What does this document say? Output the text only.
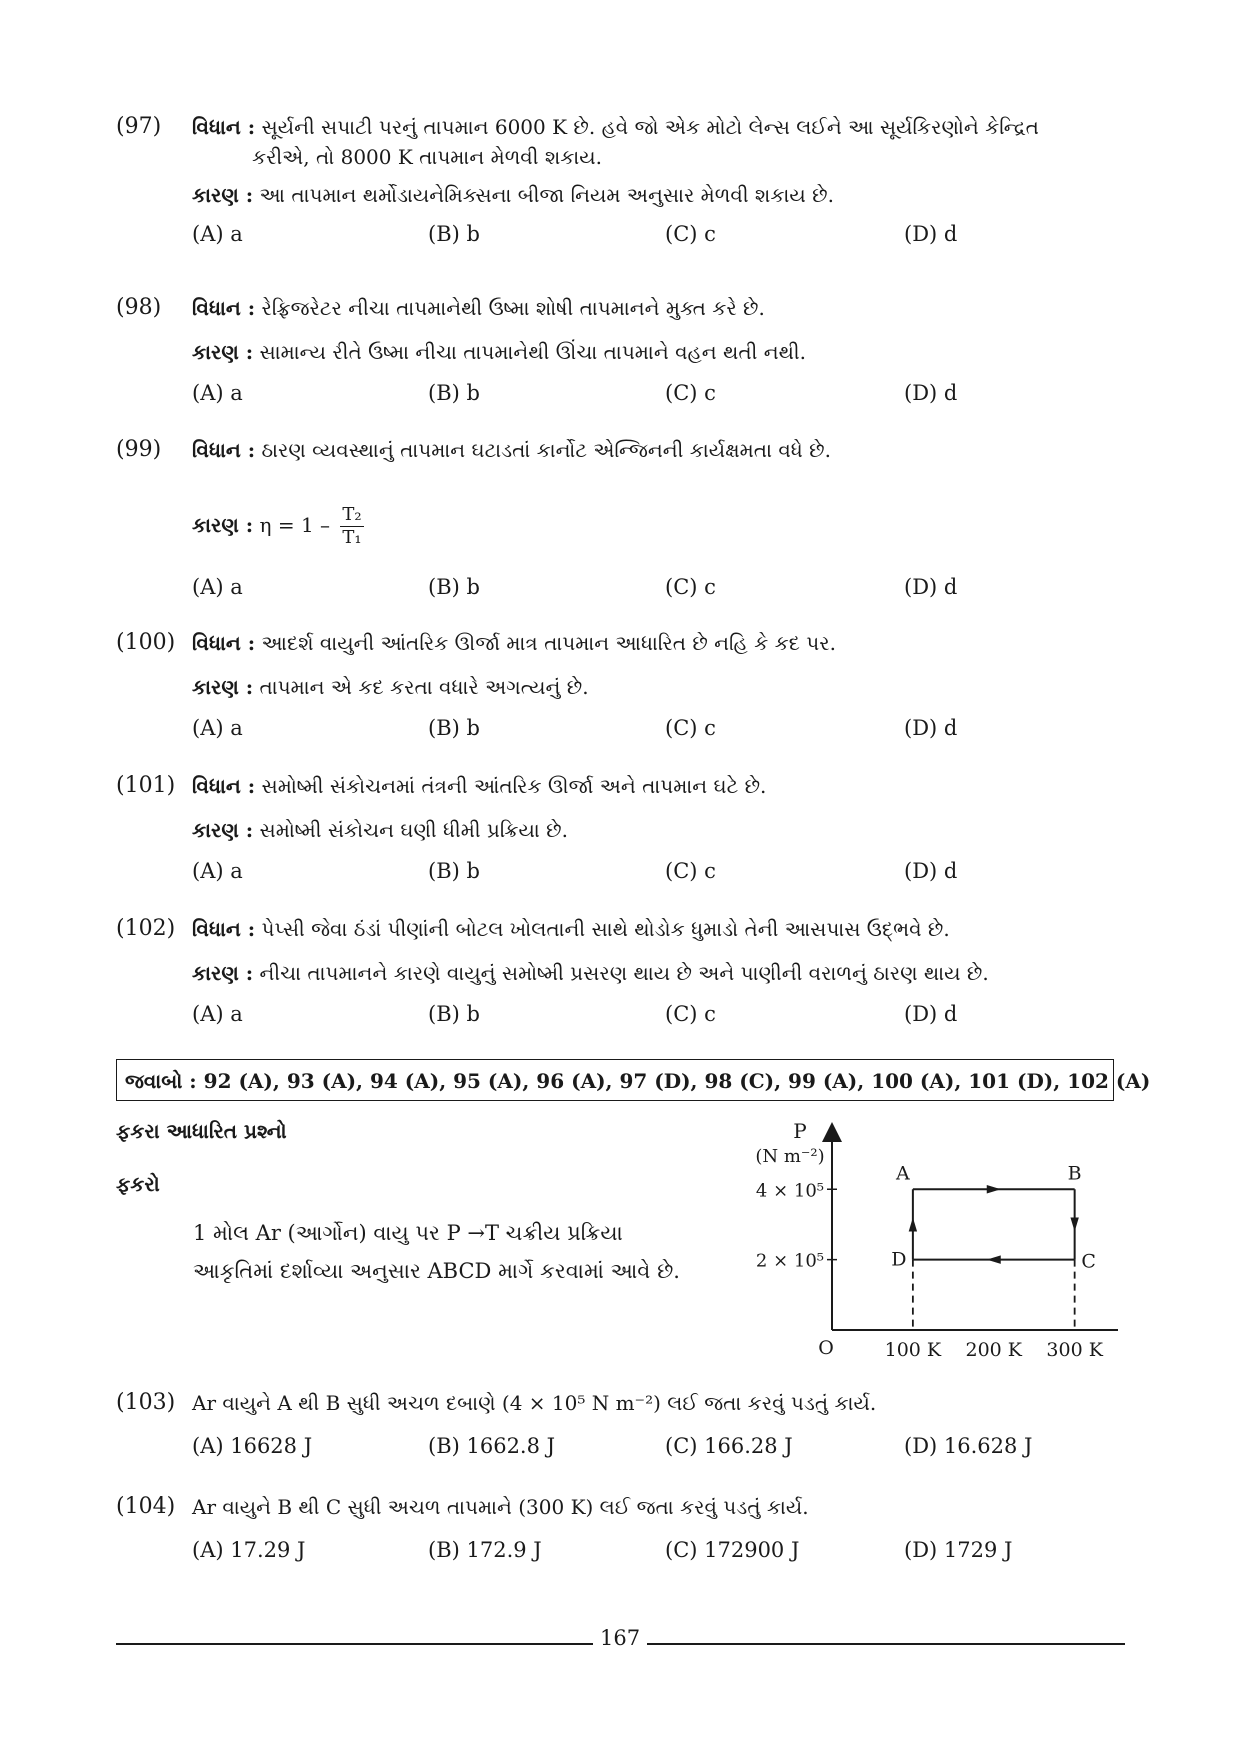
(97) વિધાન : સૂર્યની સપાટી પરનું તાપમાન 6000 K છે. હવે જો એક મોટો લેન્સ લઈને આ સૂર્યકિરણોને કેન્દ્રિત
કરીએ, તો 8000 K તાપમાન મેળવી શકાય.
કારણ : આ તાપમાન થર્મોડાયનેમિક્સના બીજા નિયમ અનુસાર મેળવી શકાય છે.
(A) a	(B) b	(C) c	(D) d
(98) વિધાન : રેફ્રિજરેટર નીચા તાપમાનેથી ઉષ્મા શોષી તાપમાનને મુક્ત કરે છે.
કારણ : સામાન્ય રીતે ઉષ્મા નીચા તાપમાનેથી ઊંચા તાપમાને વહન થતી નથી.
(A) a	(B) b	(C) c	(D) d
(99) વિધાન : ઠારણ વ્યવસ્થાનું તાપમાન ઘટાડતાં કાર્નોટ એન્જિનની કાર્યક્ષમતા વધે છે.
કારણ : $\eta = 1 - \frac{\text{T₂}}{\text{T₁}}$
(A) a	(B) b	(C) c	(D) d
(100) વિધાન : આદર્શ વાયુની આંતરિક ઊર્જા માત્ર તાપમાન આધારિત છે નહિ કે કદ પર.
કારણ : તાપમાન એ કદ કરતા વધારે અગત્યનું છે.
(A) a	(B) b	(C) c	(D) d
(101) વિધાન : સમોષ્મી સંકોચનમાં તંત્રની આંતરિક ઊર્જા અને તાપમાન ઘટે છે.
કારણ : સમોષ્મી સંકોચન ઘણી ધીમી પ્રક્રિયા છે.
(A) a	(B) b	(C) c	(D) d
(102) વિધાન : પેપ્સી જેવા ઠંડાં પીણાંની બોટલ ખોલતાની સાથે થોડોક ધુમાડો તેની આસપાસ ઉદ્ભવે છે.
કારણ : નીચા તાપમાનને કારણે વાયુનું સમોષ્મી પ્રસરણ થાય છે અને પાણીની વરાળનું ઠારણ થાય છે.
(A) a	(B) b	(C) c	(D) d
જવાબો : 92 (A), 93 (A), 94 (A), 95 (A), 96 (A), 97 (D), 98 (C), 99 (A), 100 (A), 101 (D), 102 (A)
ફકરા આધારિત પ્રશ્નો
ફકરો
1 મોલ Ar (આર્ગોન) વાયુ પર P →T ચક્રીય પ્રક્રિયા
આકૃતિમાં દર્શાવ્યા અનુસાર ABCD માર્ગે કરવામાં આવે છે.
P
(N m⁻²)
O	100 K 200 K 300 K
2 × 10⁵
4 × 10⁵
A	B
C
D
(103) Ar વાયુને A થી B સુધી અચળ દબાણે (4 × 10⁵ N m⁻²) લઈ જતા કરવું પડતું કાર્ય.
(A) 16628 J	(B) 1662.8 J	(C) 166.28 J	(D) 16.628 J
(104) Ar વાયુને B થી C સુધી અચળ તાપમાને (300 K) લઈ જતા કરવું પડતું કાર્ય.
(A) 17.29 J	(B) 172.9 J	(C) 172900 J	(D) 1729 J
167
